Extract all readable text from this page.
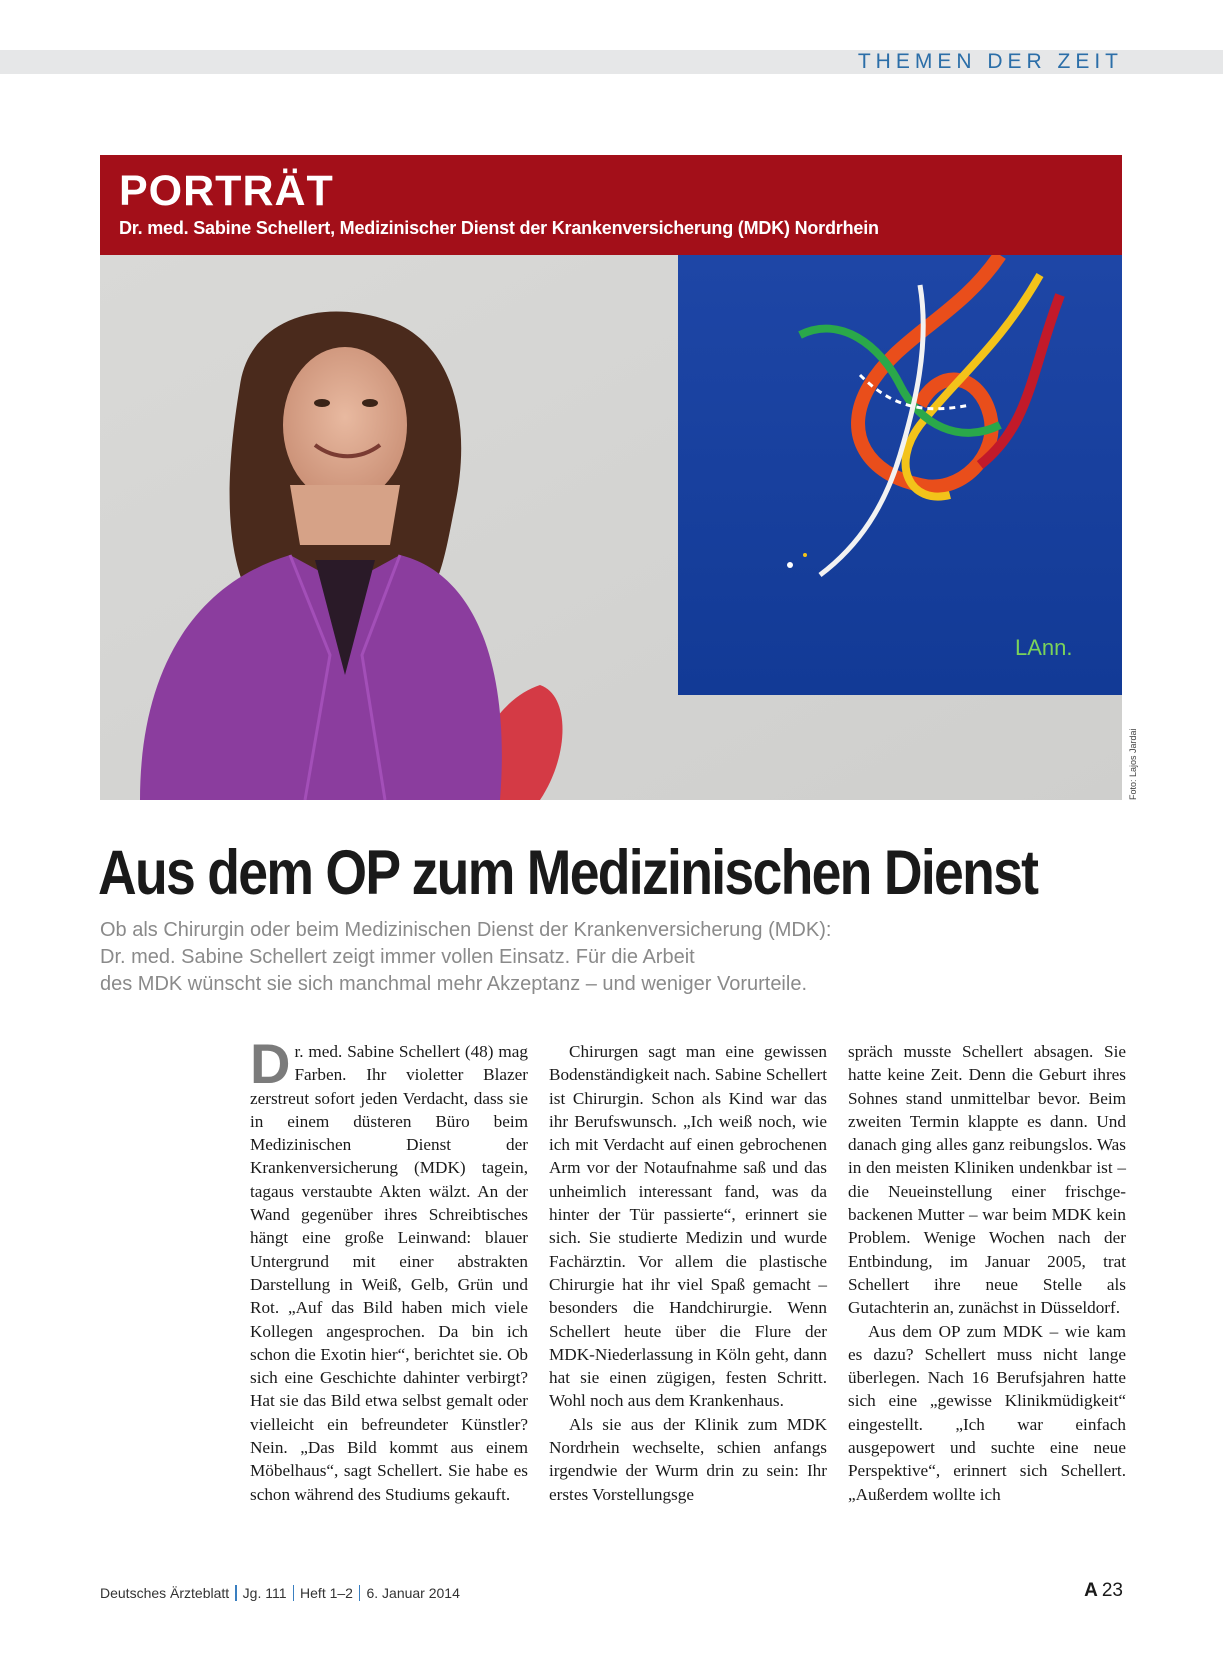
THEMEN DER ZEIT
PORTRÄT
Dr. med. Sabine Schellert, Medizinischer Dienst der Krankenversicherung (MDK) Nordrhein
LAnn.
Foto: Lajos Jardai
Aus dem OP zum Medizinischen Dienst
Ob als Chirurgin oder beim Medizinischen Dienst der Krankenversicherung (MDK):
Dr. med. Sabine Schellert zeigt immer vollen Einsatz. Für die Arbeit
des MDK wünscht sie sich manchmal mehr Akzeptanz – und weniger Vorurteile.

Dr. med. Sabine Schellert (48) mag Farben. Ihr violetter Blazer zerstreut sofort jeden Verdacht, dass sie in einem düsteren Büro beim Medizinischen Dienst der Krankenversicherung (MDK) tagein, tagaus verstaubte Akten wälzt. An der Wand gegenüber ihres Schreibtisches hängt eine große Leinwand: blauer Untergrund mit einer abstrakten Darstellung in Weiß, Gelb, Grün und Rot. „Auf das Bild haben mich viele Kollegen angesprochen. Da bin ich schon die Exotin hier“, berichtet sie. Ob sich eine Geschichte dahinter verbirgt? Hat sie das Bild etwa selbst gemalt oder vielleicht ein befreundeter Künstler? Nein. „Das Bild kommt aus einem Möbelhaus“, sagt Schellert. Sie habe es schon während des Studiums gekauft.

Chirurgen sagt man eine gewissen Bodenständigkeit nach. Sabine Schellert ist Chirurgin. Schon als Kind war das ihr Berufswunsch. „Ich weiß noch, wie ich mit Verdacht auf einen gebrochenen Arm vor der Notaufnahme saß und das unheimlich interessant fand, was da hinter der Tür passierte“, erinnert sie sich. Sie studierte Medizin und wurde Fachärztin. Vor allem die plastische Chirurgie hat ihr viel Spaß gemacht – besonders die Handchirurgie. Wenn Schellert heute über die Flure der MDK-Niederlassung in Köln geht, dann hat sie einen zügigen, festen Schritt. Wohl noch aus dem Krankenhaus.

Als sie aus der Klinik zum MDK Nordrhein wechselte, schien anfangs irgendwie der Wurm drin zu sein: Ihr erstes Vorstellungsge

spräch musste Schellert absagen. Sie hatte keine Zeit. Denn die Geburt ihres Sohnes stand unmittelbar bevor. Beim zweiten Termin klappte es dann. Und danach ging alles ganz reibungslos. Was in den meisten Kliniken undenkbar ist – die Neueinstellung einer frischgebackenen Mutter – war beim MDK kein Problem. Wenige Wochen nach der Entbindung, im Januar 2005, trat Schellert ihre neue Stelle als Gutachterin an, zunächst in Düsseldorf.

Aus dem OP zum MDK – wie kam es dazu? Schellert muss nicht lange überlegen. Nach 16 Berufsjahren hatte sich eine „gewisse Klinikmüdigkeit“ eingestellt. „Ich war einfach ausgepowert und suchte eine neue Perspektive“, erinnert sich Schellert. „Außerdem wollte ich

Deutsches Ärzteblatt Jg. 111 Heft 1–2 6. Januar 2014	A 23
